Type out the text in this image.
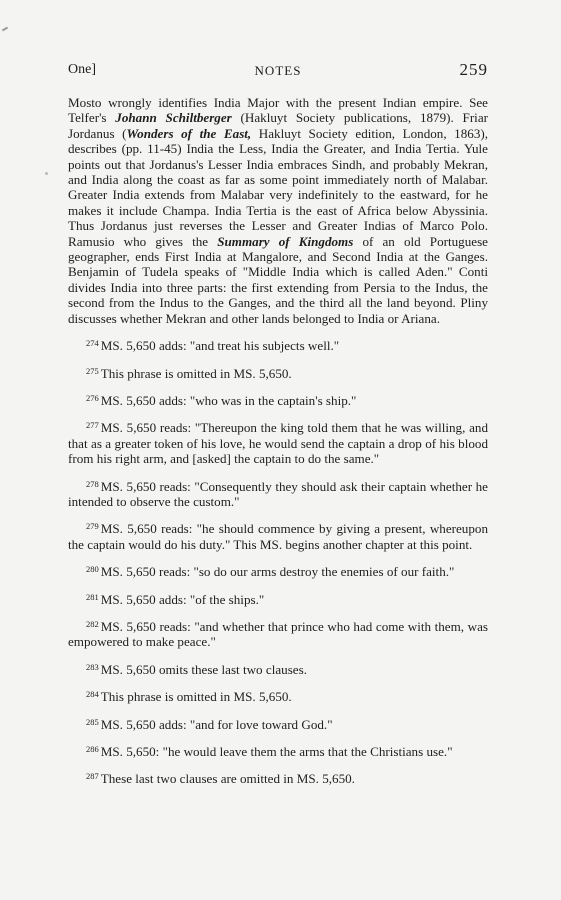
One]	NOTES	259

Mosto wrongly identifies India Major with the present Indian empire. See Telfer's Johann Schiltberger (Hakluyt Society publications, 1879). Friar Jordanus (Wonders of the East, Hakluyt Society edition, London, 1863), describes (pp. 11-45) India the Less, India the Greater, and India Tertia. Yule points out that Jordanus's Lesser India embraces Sindh, and probably Mekran, and India along the coast as far as some point immediately north of Malabar. Greater India extends from Malabar very indefinitely to the eastward, for he makes it include Champa. India Tertia is the east of Africa below Abyssinia. Thus Jordanus just reverses the Lesser and Greater Indias of Marco Polo. Ramusio who gives the Summary of Kingdoms of an old Portuguese geographer, ends First India at Mangalore, and Second India at the Ganges. Benjamin of Tudela speaks of "Middle India which is called Aden." Conti divides India into three parts: the first extending from Persia to the Indus, the second from the Indus to the Ganges, and the third all the land beyond. Pliny discusses whether Mekran and other lands belonged to India or Ariana.

$^{274}$ MS. 5,650 adds: "and treat his subjects well."

$^{275}$ This phrase is omitted in MS. 5,650.

$^{276}$ MS. 5,650 adds: "who was in the captain's ship."

$^{277}$ MS. 5,650 reads: "Thereupon the king told them that he was willing, and that as a greater token of his love, he would send the captain a drop of his blood from his right arm, and [asked] the captain to do the same."

$^{278}$ MS. 5,650 reads: "Consequently they should ask their captain whether he intended to observe the custom."

$^{279}$ MS. 5,650 reads: "he should commence by giving a present, whereupon the captain would do his duty." This MS. begins another chapter at this point.

$^{280}$ MS. 5,650 reads: "so do our arms destroy the enemies of our faith."

$^{281}$ MS. 5,650 adds: "of the ships."

$^{282}$ MS. 5,650 reads: "and whether that prince who had come with them, was empowered to make peace."

$^{283}$ MS. 5,650 omits these last two clauses.

$^{284}$ This phrase is omitted in MS. 5,650.

$^{285}$ MS. 5,650 adds: "and for love toward God."

$^{286}$ MS. 5,650: "he would leave them the arms that the Christians use."

$^{287}$ These last two clauses are omitted in MS. 5,650.
